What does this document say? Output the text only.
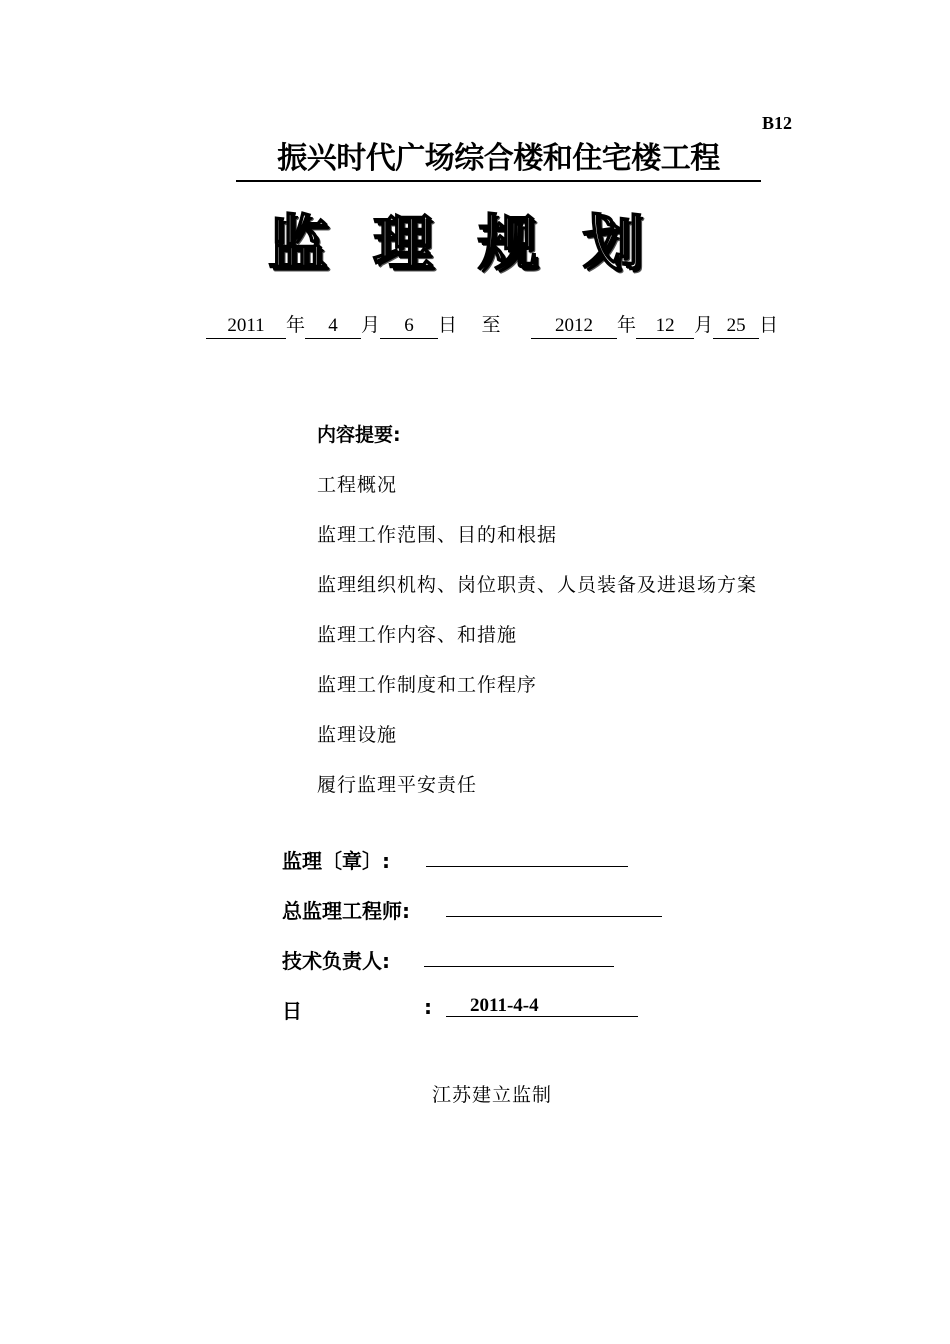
B12
振兴时代广场综合楼和住宅楼工程
监 理 规 划
2011 年 4 月 6 日 至	2012 年 12 月 25 日
内容提要:
工程概况
监理工作范围、目的和根据
监理组织机构、岗位职责、人员装备及进退场方案
监理工作内容、和措施
监理工作制度和工作程序
监理设施
履行监理平安责任
监理〔章〕:
总监理工程师:
技术负责人:
日	: 2011-4-4
江苏建立监制
